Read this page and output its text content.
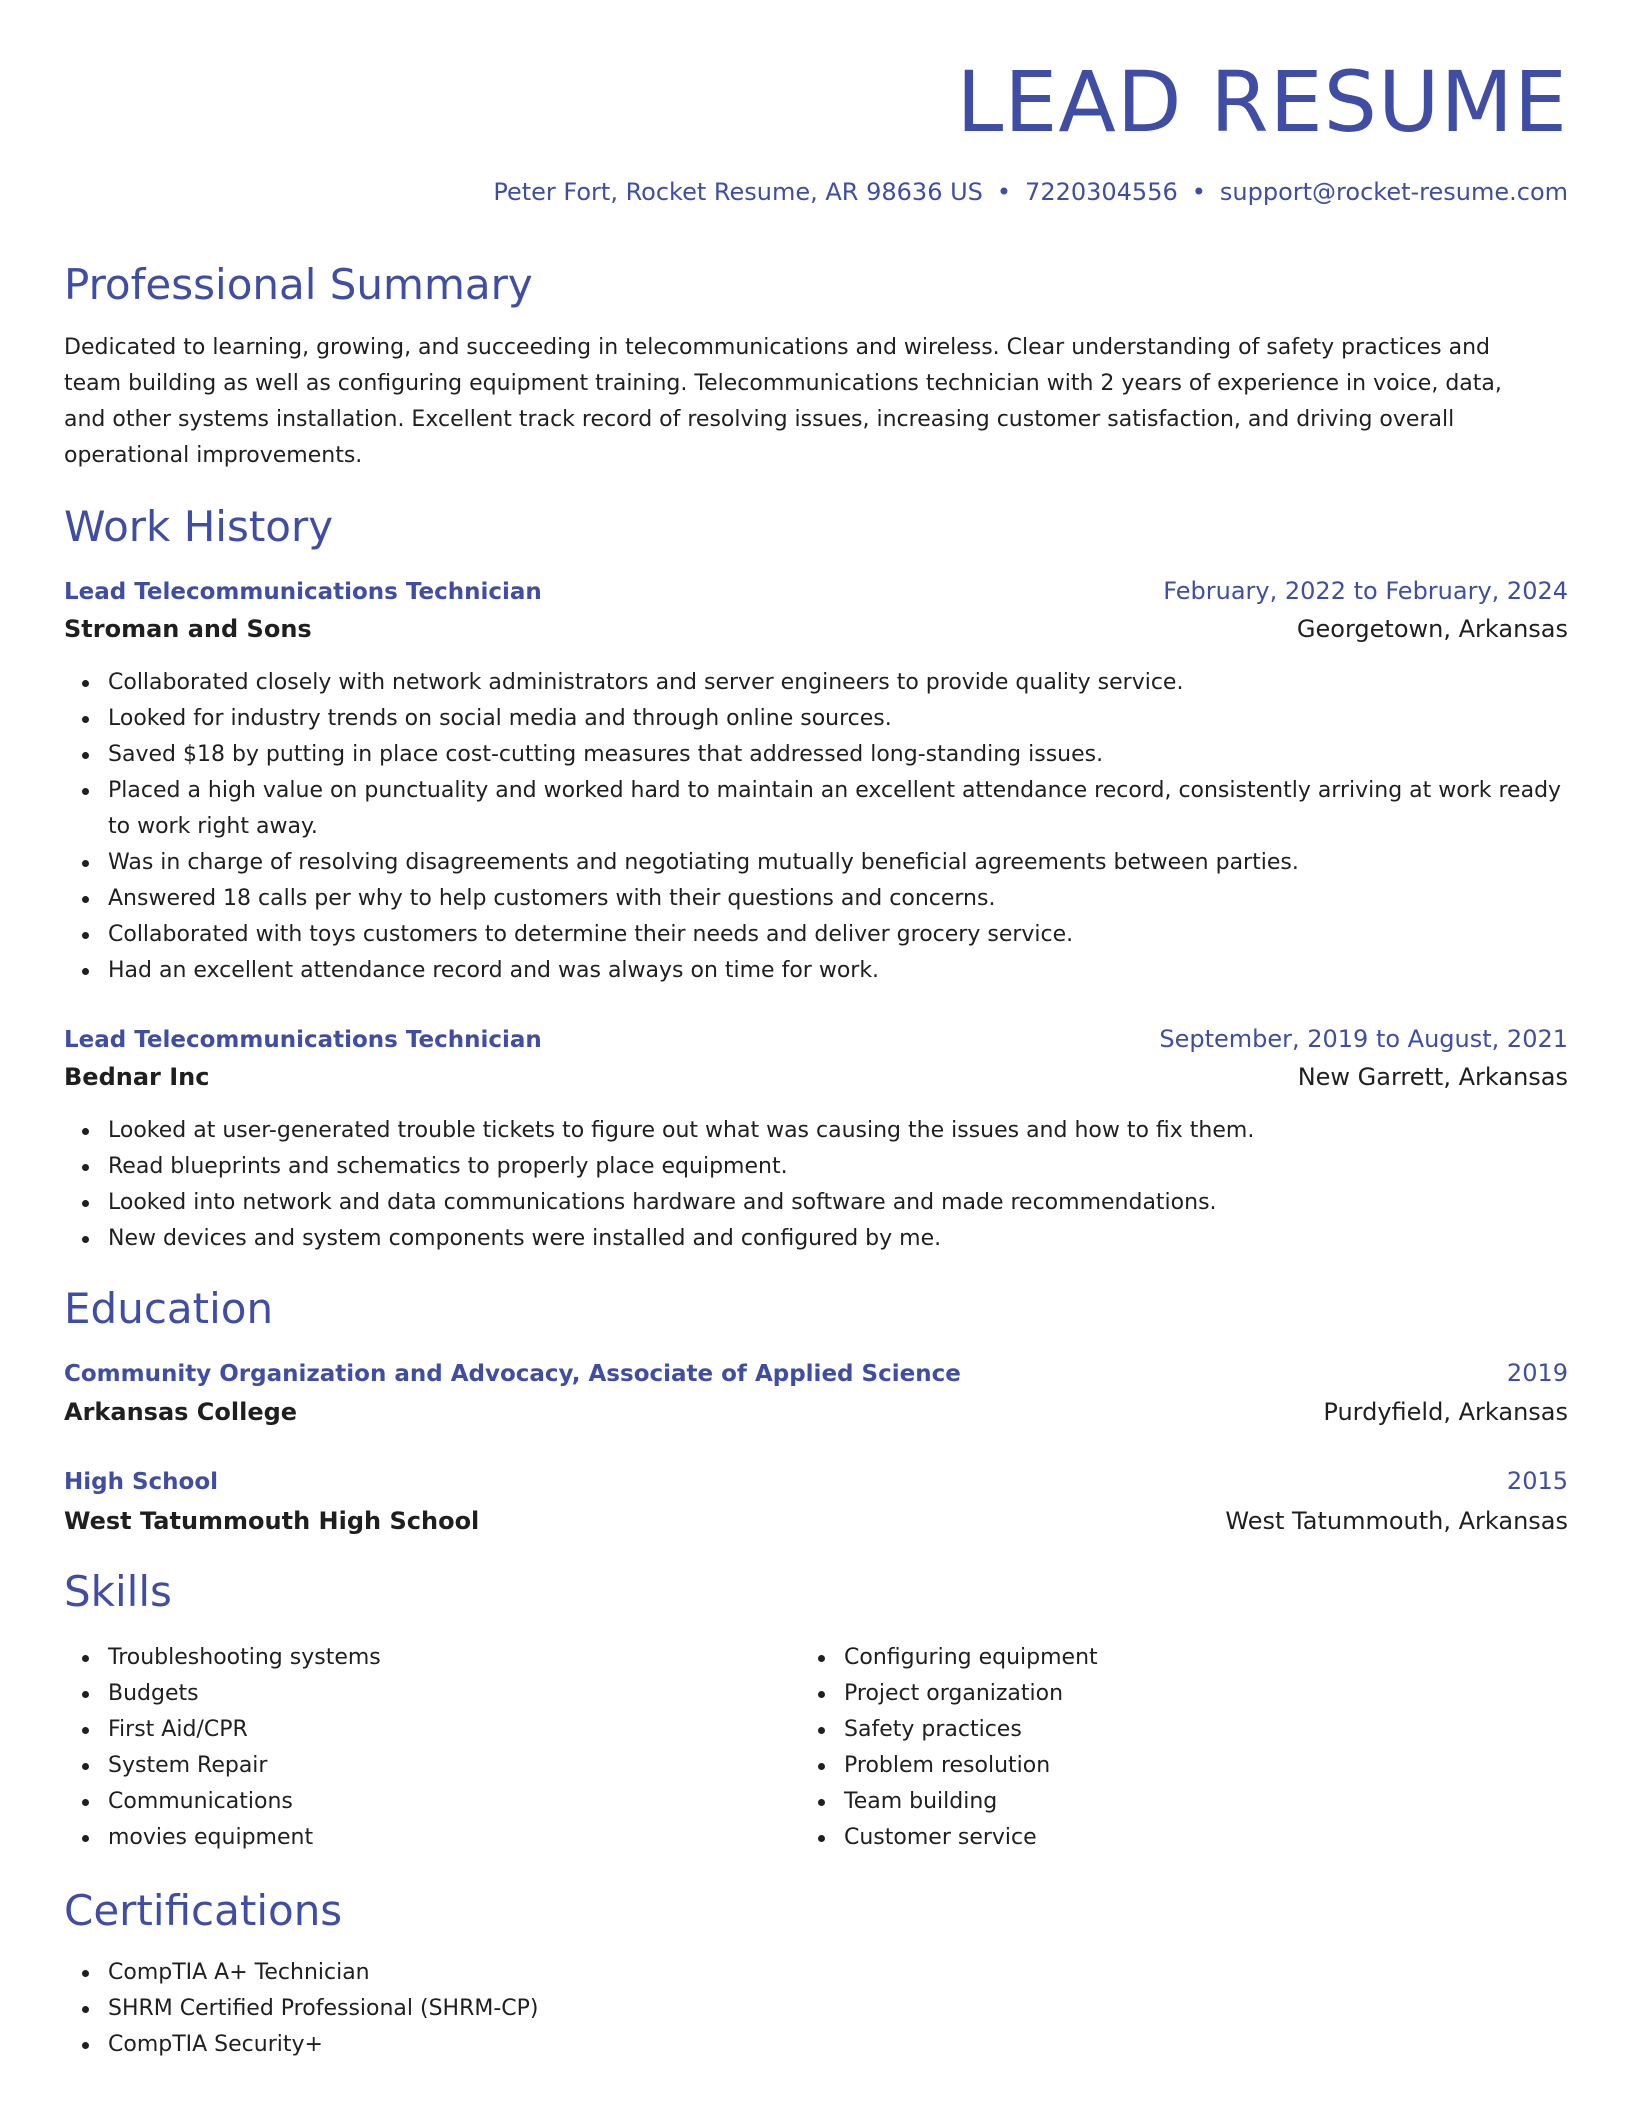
LEAD RESUME
Peter Fort, Rocket Resume, AR 98636 US • 7220304556 • support@rocket-resume.com
Professional Summary

Dedicated to learning, growing, and succeeding in telecommunications and wireless. Clear understanding of safety practices and team building as well as configuring equipment training. Telecommunications technician with 2 years of experience in voice, data, and other systems installation. Excellent track record of resolving issues, increasing customer satisfaction, and driving overall operational improvements.

Work History
Lead Telecommunications Technician	February, 2022 to February, 2024
Stroman and Sons	Georgetown, Arkansas
Collaborated closely with network administrators and server engineers to provide quality service.
Looked for industry trends on social media and through online sources.
Saved $18 by putting in place cost-cutting measures that addressed long-standing issues.
Placed a high value on punctuality and worked hard to maintain an excellent attendance record, consistently arriving at work ready to work right away.
Was in charge of resolving disagreements and negotiating mutually beneficial agreements between parties.
Answered 18 calls per why to help customers with their questions and concerns.
Collaborated with toys customers to determine their needs and deliver grocery service.
Had an excellent attendance record and was always on time for work.
Lead Telecommunications Technician	September, 2019 to August, 2021
Bednar Inc	New Garrett, Arkansas
Looked at user-generated trouble tickets to figure out what was causing the issues and how to fix them.
Read blueprints and schematics to properly place equipment.
Looked into network and data communications hardware and software and made recommendations.
New devices and system components were installed and configured by me.
Education
Community Organization and Advocacy, Associate of Applied Science	2019
Arkansas College	Purdyfield, Arkansas
High School	2015
West Tatummouth High School	West Tatummouth, Arkansas
Skills
Troubleshooting systems
Budgets
First Aid/CPR
System Repair
Communications
movies equipment
Configuring equipment
Project organization
Safety practices
Problem resolution
Team building
Customer service
Certifications
CompTIA A+ Technician
SHRM Certified Professional (SHRM-CP)
CompTIA Security+
